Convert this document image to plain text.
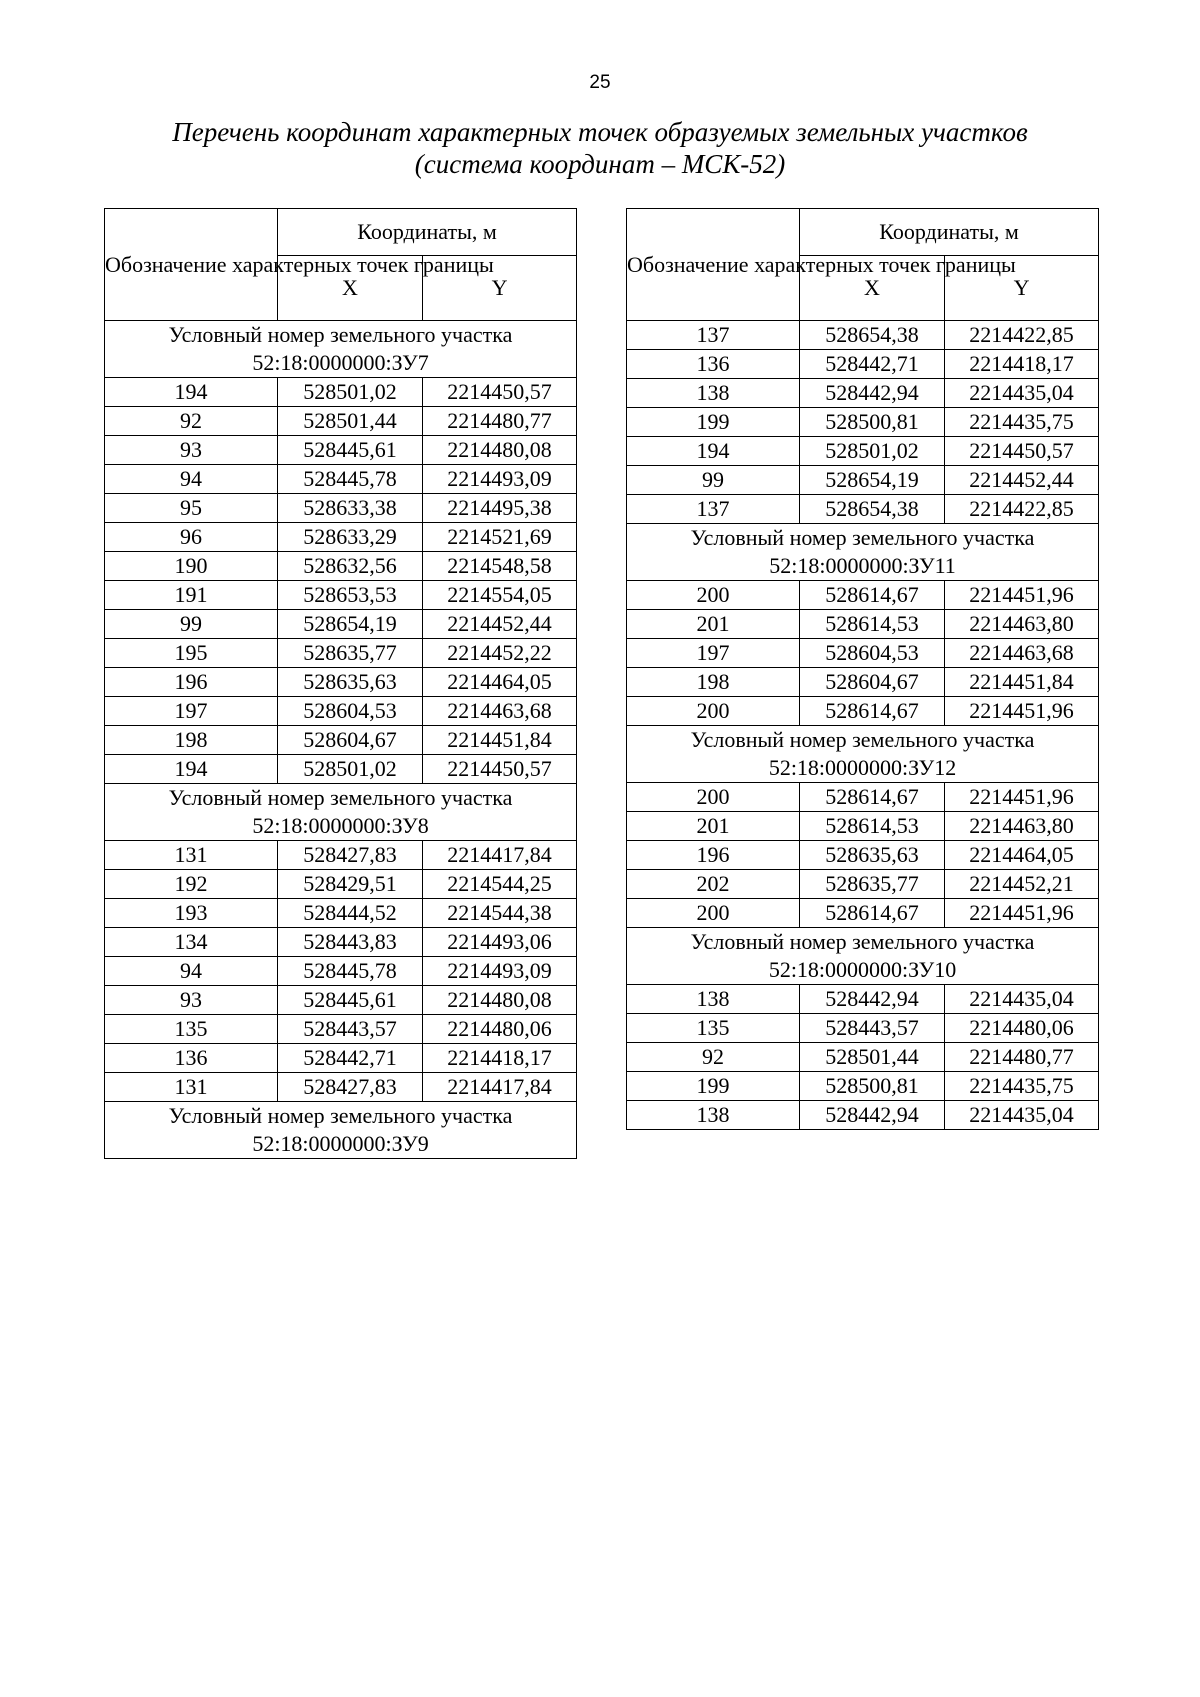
25
Перечень координат характерных точек образуемых земельных участков
(система координат – МСК-52)
Обозначение характерных точек границы	Координаты, м	
	X	Y

Условный номер земельного участка
52:18:0000000:ЗУ7		

194	528501,02	2214450,57
92	528501,44	2214480,77
93	528445,61	2214480,08
94	528445,78	2214493,09
95	528633,38	2214495,38
96	528633,29	2214521,69
190	528632,56	2214548,58
191	528653,53	2214554,05
99	528654,19	2214452,44
195	528635,77	2214452,22
196	528635,63	2214464,05
197	528604,53	2214463,68
198	528604,67	2214451,84
194	528501,02	2214450,57

Условный номер земельного участка
52:18:0000000:ЗУ8		

131	528427,83	2214417,84
192	528429,51	2214544,25
193	528444,52	2214544,38
134	528443,83	2214493,06
94	528445,78	2214493,09
93	528445,61	2214480,08
135	528443,57	2214480,06
136	528442,71	2214418,17
131	528427,83	2214417,84

Условный номер земельного участка
52:18:0000000:ЗУ9		
Обозначение характерных точек границы	Координаты, м	
	X	Y
137	528654,38	2214422,85
136	528442,71	2214418,17
138	528442,94	2214435,04
199	528500,81	2214435,75
194	528501,02	2214450,57
99	528654,19	2214452,44
137	528654,38	2214422,85

Условный номер земельного участка
52:18:0000000:ЗУ11		

200	528614,67	2214451,96
201	528614,53	2214463,80
197	528604,53	2214463,68
198	528604,67	2214451,84
200	528614,67	2214451,96

Условный номер земельного участка
52:18:0000000:ЗУ12		

200	528614,67	2214451,96
201	528614,53	2214463,80
196	528635,63	2214464,05
202	528635,77	2214452,21
200	528614,67	2214451,96

Условный номер земельного участка
52:18:0000000:ЗУ10		

138	528442,94	2214435,04
135	528443,57	2214480,06
92	528501,44	2214480,77
199	528500,81	2214435,75
138	528442,94	2214435,04
